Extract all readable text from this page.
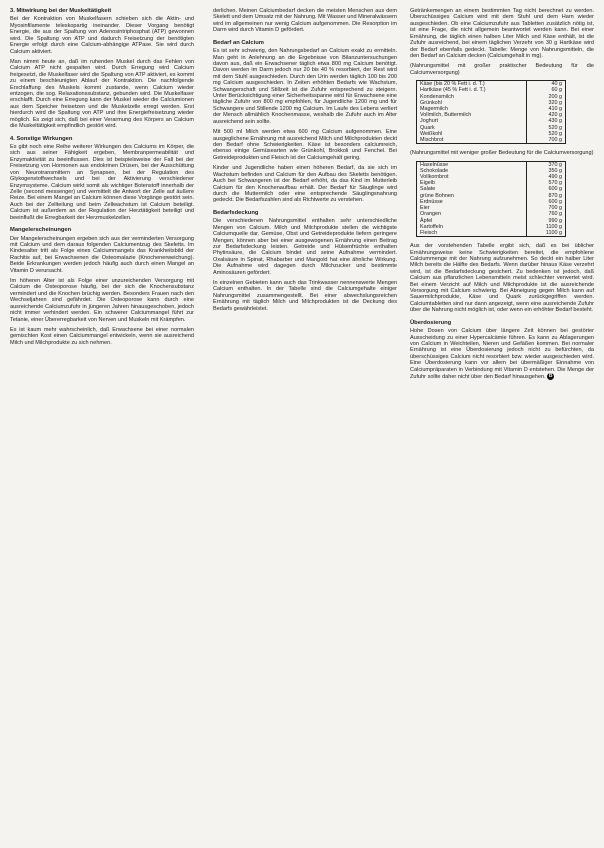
3. Mitwirkung bei der Muskeltätigkeit

Bei der Kontraktion von Muskelfasern schieben sich die Aktin- und Myosinfilamente teleskopartig ineinander. Dieser Vorgang benötigt Energie, die aus der Spaltung von Adenosintriphosphat (ATP) gewonnen wird. Die Spaltung von ATP und dadurch Freisetzung der benötigten Energie erfolgt durch eine Calcium-abhängige ATPase. Sie wird durch Calcium aktiviert.

Man nimmt heute an, daß im ruhenden Muskel durch das Fehlen von Calcium ATP nicht gespalten wird. Durch Erregung wird Calcium freigesetzt, die Muskelfaser wird die Spaltung von ATP aktiviert, es kommt zu einem beschleunigten Ablauf der Kontraktion. Die nachfolgende Erschlaffung des Muskels kommt zustande, wenn Calcium wieder entzogen, die sog. Relaxationssubstanz, gebunden wird. Die Muskelfaser erschlafft. Durch eine Erregung kann der Muskel wieder die Calciumionen aus dem Speicher freisetzen und die Muskelzelle erregt werden. Erst hierdurch wird die Spaltung von ATP und ihre Energiefreisetzung wieder möglich. Es zeigt sich, daß bei einer Verarmung des Körpers an Calcium die Muskeltätigkeit empfindlich gestört wird.

4. Sonstige Wirkungen

Es gibt noch eine Reihe weiterer Wirkungen des Calciums im Körper, die sich aus seiner Fähigkeit ergeben, Membranpermeabilität und Enzymaktivität zu beeinflussen. Dies ist beispielsweise der Fall bei der Freisetzung von Hormonen aus endokrinen Drüsen, bei der Ausschüttung von Neurotransmittern an Synapsen, bei der Regulation des Glykogenstoffwechsels und bei der Aktivierung verschiedener Enzymsysteme. Calcium wirkt somit als wichtiger Botenstoff innerhalb der Zelle (second messenger) und vermittelt die Antwort der Zelle auf äußere Reize. Bei einem Mangel an Calcium können diese Vorgänge gestört sein. Auch bei der Zellteilung und beim Zellwachstum ist Calcium beteiligt. Calcium ist außerdem an der Regulation der Herztätigkeit beteiligt und beeinflußt die Erregbarkeit der Herzmuskelzellen.

Mangelerscheinungen

Der Mangelerscheinungen ergeben sich aus der verminderten Versorgung mit Calcium und dem daraus folgenden Calciumentzug des Skeletts. Im Kindesalter tritt als Folge eines Calciummangels das Krankheitsbild der Rachitis auf, bei Erwachsenen die Osteomalazie (Knochenerweichung). Beide Erkrankungen werden jedoch häufig auch durch einen Mangel an Vitamin D verursacht.

Im höheren Alter ist als Folge einer unzureichenden Versorgung mit Calcium die Osteoporose häufig, bei der sich die Knochensubstanz vermindert und die Knochen brüchig werden. Besonders Frauen nach den Wechseljahren sind gefährdet. Die Osteoporose kann durch eine ausreichende Calciumzufuhr in jüngeren Jahren hinausgeschoben, jedoch nicht immer verhindert werden. Ein schwerer Calciummangel führt zur Tetanie, einer Übererregbarkeit von Nerven und Muskeln mit Krämpfen.

Es ist kaum mehr wahrscheinlich, daß Erwachsene bei einer normalen gemischten Kost einen Calciummangel entwickeln, wenn sie ausreichend Milch und Milchprodukte zu sich nehmen.

derlichen. Meinen Calciumbedarf decken die meisten Menschen aus dem Skelett und dem Umsatz mit der Nahrung. Mit Wasser und Mineralwässern wird im allgemeinen nur wenig Calcium aufgenommen. Die Resorption im Darm wird durch Vitamin D gefördert.

Bedarf an Calcium

Es ist sehr schwierig, den Nahrungsbedarf an Calcium exakt zu ermitteln. Man geht in Anlehnung an die Ergebnisse von Bilanzuntersuchungen davon aus, daß ein Erwachsener täglich etwa 800 mg Calcium benötigt. Davon werden im Darm jedoch nur 20 bis 40 % resorbiert, der Rest wird mit dem Stuhl ausgeschieden. Durch den Urin werden täglich 100 bis 200 mg Calcium ausgeschieden. In Zeiten erhöhten Bedarfs wie Wachstum, Schwangerschaft und Stillzeit ist die Zufuhr entsprechend zu steigern. Unter Berücksichtigung einer Sicherheitsspanne wird für Erwachsene eine tägliche Zufuhr von 800 mg empfohlen, für Jugendliche 1200 mg und für Schwangere und Stillende 1200 mg Calcium. Im Laufe des Lebens verliert der Mensch allmählich Knochenmasse, weshalb die Zufuhr auch im Alter ausreichend sein sollte.

Mit 500 ml Milch werden etwa 600 mg Calcium aufgenommen. Eine ausgeglichene Ernährung mit ausreichend Milch und Milchprodukten deckt den Bedarf ohne Schwierigkeiten. Käse ist besonders calciumreich, ebenso einige Gemüsearten wie Grünkohl, Brokkoli und Fenchel. Bei Getreideprodukten und Fleisch ist der Calciumgehalt gering.

Kinder und Jugendliche haben einen höheren Bedarf, da sie sich im Wachstum befinden und Calcium für den Aufbau des Skeletts benötigen. Auch bei Schwangeren ist der Bedarf erhöht, da das Kind im Mutterleib Calcium für den Knochenaufbau erhält. Der Bedarf für Säuglinge wird durch die Muttermilch oder eine entsprechende Säuglingsnahrung gedeckt. Die Bedarfszahlen sind als Richtwerte zu verstehen.

Bedarfsdeckung

Die verschiedenen Nahrungsmittel enthalten sehr unterschiedliche Mengen von Calcium. Milch und Milchprodukte stellen die wichtigste Calciumquelle dar. Gemüse, Obst und Getreideprodukte liefern geringere Mengen, können aber bei einer ausgewogenen Ernährung einen Beitrag zur Bedarfsdeckung leisten. Getreide und Hülsenfrüchte enthalten Phytinsäure, die Calcium bindet und seine Aufnahme vermindert. Oxalsäure in Spinat, Rhabarber und Mangold hat eine ähnliche Wirkung. Die Aufnahme wird dagegen durch Milchzucker und bestimmte Aminosäuren gefördert.

In einzelnen Gebieten kann auch das Trinkwasser nennenswerte Mengen Calcium enthalten. In der Tabelle sind die Calciumgehalte einiger Nahrungsmittel zusammengestellt. Bei einer abwechslungsreichen Ernährung mit täglich Milch und Milchprodukten ist die Deckung des Bedarfs gewährleistet.

Getränkemengen an einem bestimmten Tag nicht berechnet zu werden. Überschüssiges Calcium wird mit dem Stuhl und dem Harn wieder ausgeschieden. Ob eine Calciumzufuhr aus Tabletten zusätzlich nötig ist, ist eine Frage, die nicht allgemein beantwortet werden kann. Bei einer Ernährung, die täglich einen halben Liter Milch und Käse enthält, ist die Zufuhr ausreichend, bei einem täglichen Verzehr von 30 g Hartkäse wird der Bedarf ebenfalls gedeckt. Tabelle: Menge von Nahrungsmitteln, die den Bedarf an Calcium decken (Calciumgehalt in mg).

(Nahrungsmittel mit großer praktischer Bedeutung für die Calciumversorgung)

Käse (bis 20 % Fett i. d. T.)	40 g
Hartkäse (45 % Fett i. d. T.)	60 g
Kondensmilch	200 g
Grünkohl	320 g
Magermilch	410 g
Vollmilch, Buttermilch	420 g
Joghurt	430 g
Quark	520 g
Weißkohl	520 g
Mischbrot	700 g

(Nahrungsmittel mit weniger großer Bedeutung für die Calciumversorgung)

Haselnüsse	370 g
Schokolade	350 g
Vollkornbrot	490 g
Eigelb	570 g
Salate	600 g
grüne Bohnen	870 g
Erdnüsse	600 g
Eier	700 g
Orangen	760 g
Äpfel	990 g
Kartoffeln	1100 g
Fleisch	1100 g

Aus der vorstehenden Tabelle ergibt sich, daß es bei üblicher Ernährungsweise keine Schwierigkeiten bereitet, die empfohlene Calciummenge mit der Nahrung aufzunehmen. So deckt ein halber Liter Milch bereits die Hälfte des Bedarfs. Wenn darüber hinaus Käse verzehrt wird, ist die Bedarfsdeckung gesichert. Zu bedenken ist jedoch, daß Calcium aus pflanzlichen Lebensmitteln meist schlechter verwertet wird. Bei einem Verzicht auf Milch und Milchprodukte ist die ausreichende Versorgung mit Calcium schwierig. Bei Abneigung gegen Milch kann auf Sauermilchprodukte, Käse und Quark zurückgegriffen werden. Calciumtabletten sind nur dann angezeigt, wenn eine ausreichende Zufuhr über die Nahrung nicht möglich ist, oder wenn ein erhöhter Bedarf besteht.

Überdosierung

Hohe Dosen von Calcium über längere Zeit können bei gestörter Ausscheidung zu einer Hypercalcämie führen. Es kann zu Ablagerungen von Calcium in Weichteilen, Nieren und Gefäßen kommen. Bei normaler Ernährung ist eine Überdosierung jedoch nicht zu befürchten, da überschüssiges Calcium nicht resorbiert bzw. wieder ausgeschieden wird. Eine Überdosierung kann vor allem bei übermäßiger Einnahme von Calciumpräparaten in Verbindung mit Vitamin D entstehen. Die Menge der Zufuhr sollte daher nicht über den Bedarf hinausgehen. B
